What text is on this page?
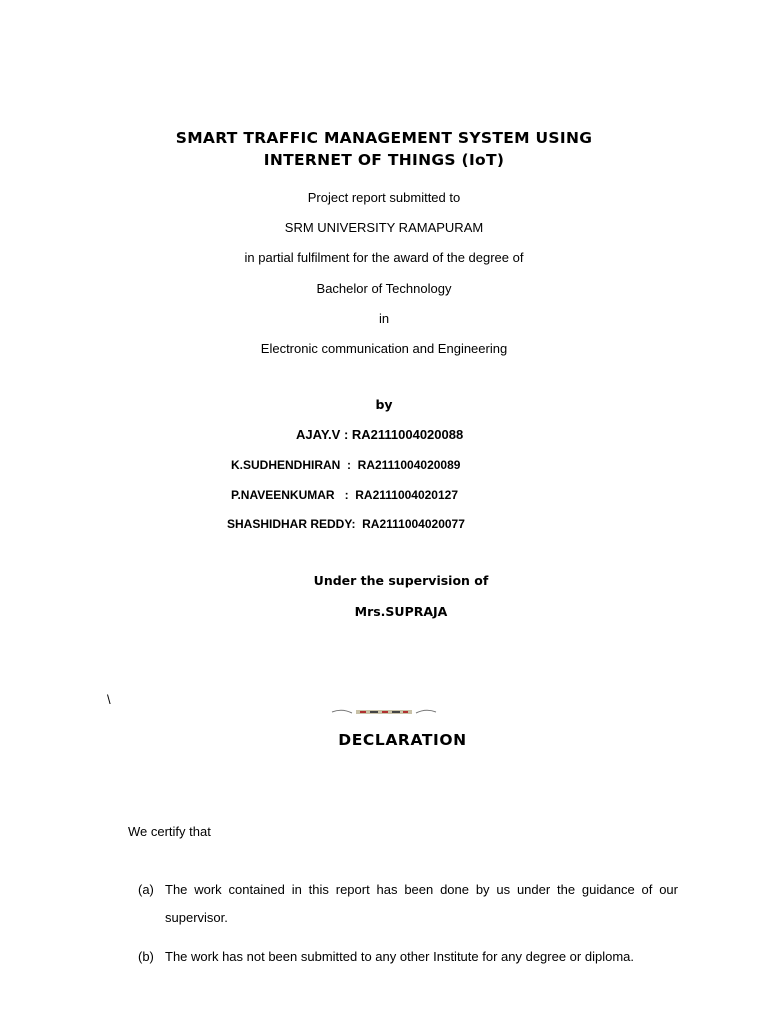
SMART TRAFFIC MANAGEMENT SYSTEM USING
INTERNET OF THINGS (IoT)
Project report submitted to
SRM UNIVERSITY RAMAPURAM
in partial fulfilment for the award of the degree of
Bachelor of Technology
in
Electronic communication and Engineering
by
AJAY.V : RA2111004020088
K.SUDHENDHIRAN  :  RA2111004020089
P.NAVEENKUMAR   :  RA2111004020127
SHASHIDHAR REDDY:  RA2111004020077
Under the supervision of
Mrs.SUPRAJA
\
DECLARATION
We certify that
(a) The work contained in this report has been done by us under the guidance of our supervisor.
(b) The work has not been submitted to any other Institute for any degree or diploma.
